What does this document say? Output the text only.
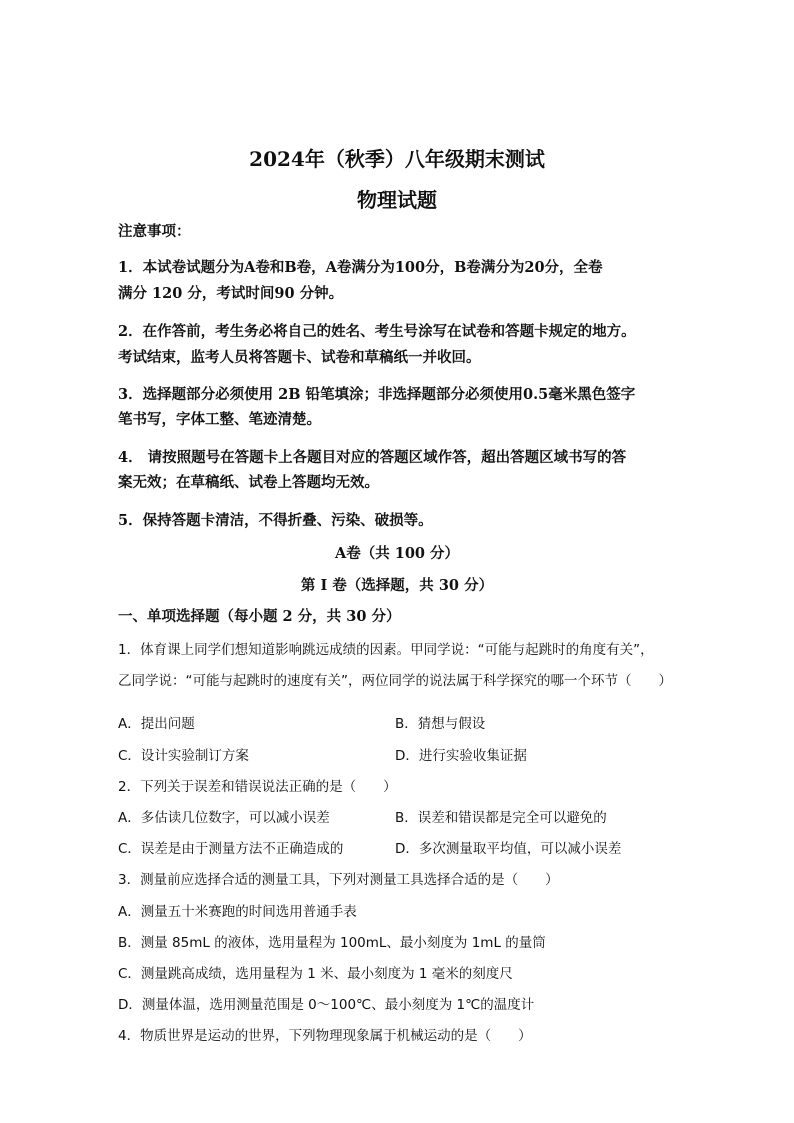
2024年（秋季）八年级期末测试
物理试题
注意事项：
1．本试卷试题分为A卷和B卷，A卷满分为100分，B卷满分为20分，全卷
满分 120 分，考试时间90 分钟。
2．在作答前，考生务必将自己的姓名、考生号涂写在试卷和答题卡规定的地方。
考试结束，监考人员将答题卡、试卷和草稿纸一并收回。
3．选择题部分必须使用 2B 铅笔填涂；非选择题部分必须使用0.5毫米黑色签字
笔书写，字体工整、笔迹清楚。
4． 请按照题号在答题卡上各题目对应的答题区域作答，超出答题区域书写的答
案无效；在草稿纸、试卷上答题均无效。
5．保持答题卡清洁，不得折叠、污染、破损等。
A卷（共 100 分）
第 I 卷（选择题，共 30 分）
一、单项选择题（每小题 2 分，共 30 分）
1．体育课上同学们想知道影响跳远成绩的因素。甲同学说：“可能与起跳时的角度有关”，
乙同学说：“可能与起跳时的速度有关”，两位同学的说法属于科学探究的哪一个环节（　　）
A．提出问题	B．猜想与假设
C．设计实验制订方案	D．进行实验收集证据
2．下列关于误差和错误说法正确的是（　　）
A．多估读几位数字，可以减小误差	B．误差和错误都是完全可以避免的
C．误差是由于测量方法不正确造成的	D．多次测量取平均值，可以减小误差
3．测量前应选择合适的测量工具，下列对测量工具选择合适的是（　　）
A．测量五十米赛跑的时间选用普通手表
B．测量 85mL 的液体，选用量程为 100mL、最小刻度为 1mL 的量筒
C．测量跳高成绩，选用量程为 1 米、最小刻度为 1 毫米的刻度尺
D．测量体温，选用测量范围是 0～100℃、最小刻度为 1℃的温度计
4．物质世界是运动的世界，下列物理现象属于机械运动的是（　　）
